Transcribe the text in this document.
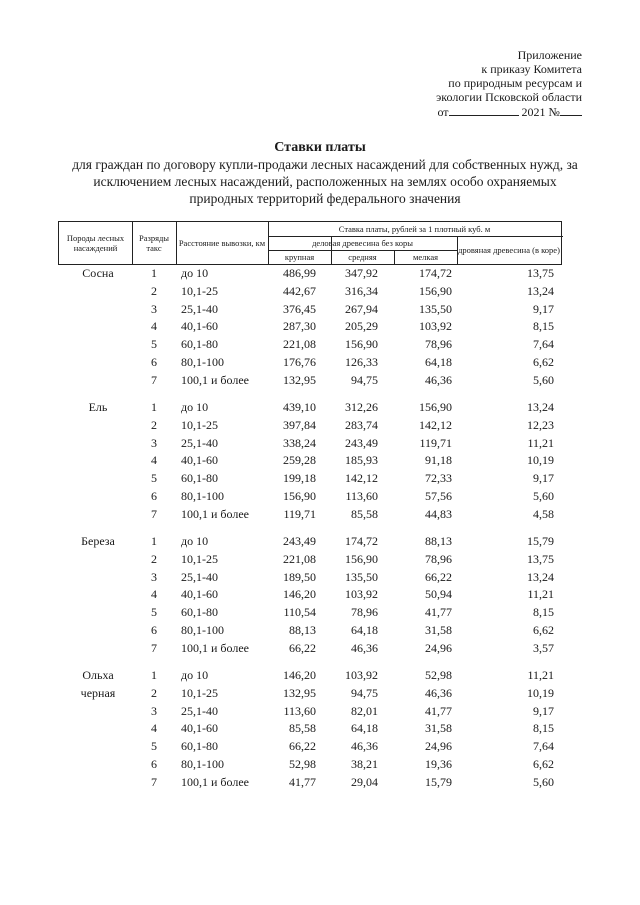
Приложение
к приказу Комитета
по природным ресурсам и
экологии Псковской области
от	2021 №
Ставки платы
для граждан по договору купли-продажи лесных насаждений для собственных нужд, за исключением лесных насаждений, расположенных на землях особо охраняемых природных территорий федерального значения
Породы лесных насаждений
Разряды такс	Расстояние вывозки, км
Ставка платы, рублей за 1 плотный куб. м
деловая древесина без коры
крупная	средняя	мелкая
дровяная древесина (в коре)
Сосна	1	до 10	486,99	347,92	174,72	13,75
2	10,1-25	442,67	316,34	156,90	13,24
3	25,1-40	376,45	267,94	135,50	9,17
4	40,1-60	287,30	205,29	103,92	8,15
5	60,1-80	221,08	156,90	78,96	7,64
6	80,1-100	176,76	126,33	64,18	6,62
7	100,1 и более	132,95	94,75	46,36	5,60
Ель	1	до 10	439,10	312,26	156,90	13,24
2	10,1-25	397,84	283,74	142,12	12,23
3	25,1-40	338,24	243,49	119,71	11,21
4	40,1-60	259,28	185,93	91,18	10,19
5	60,1-80	199,18	142,12	72,33	9,17
6	80,1-100	156,90	113,60	57,56	5,60
7	100,1 и более	119,71	85,58	44,83	4,58
Береза	1	до 10	243,49	174,72	88,13	15,79
2	10,1-25	221,08	156,90	78,96	13,75
3	25,1-40	189,50	135,50	66,22	13,24
4	40,1-60	146,20	103,92	50,94	11,21
5	60,1-80	110,54	78,96	41,77	8,15
6	80,1-100	88,13	64,18	31,58	6,62
7	100,1 и более	66,22	46,36	24,96	3,57
Ольха	1	до 10	146,20	103,92	52,98	11,21
черная	2	10,1-25	132,95	94,75	46,36	10,19
3	25,1-40	113,60	82,01	41,77	9,17
4	40,1-60	85,58	64,18	31,58	8,15
5	60,1-80	66,22	46,36	24,96	7,64
6	80,1-100	52,98	38,21	19,36	6,62
7	100,1 и более	41,77	29,04	15,79	5,60
